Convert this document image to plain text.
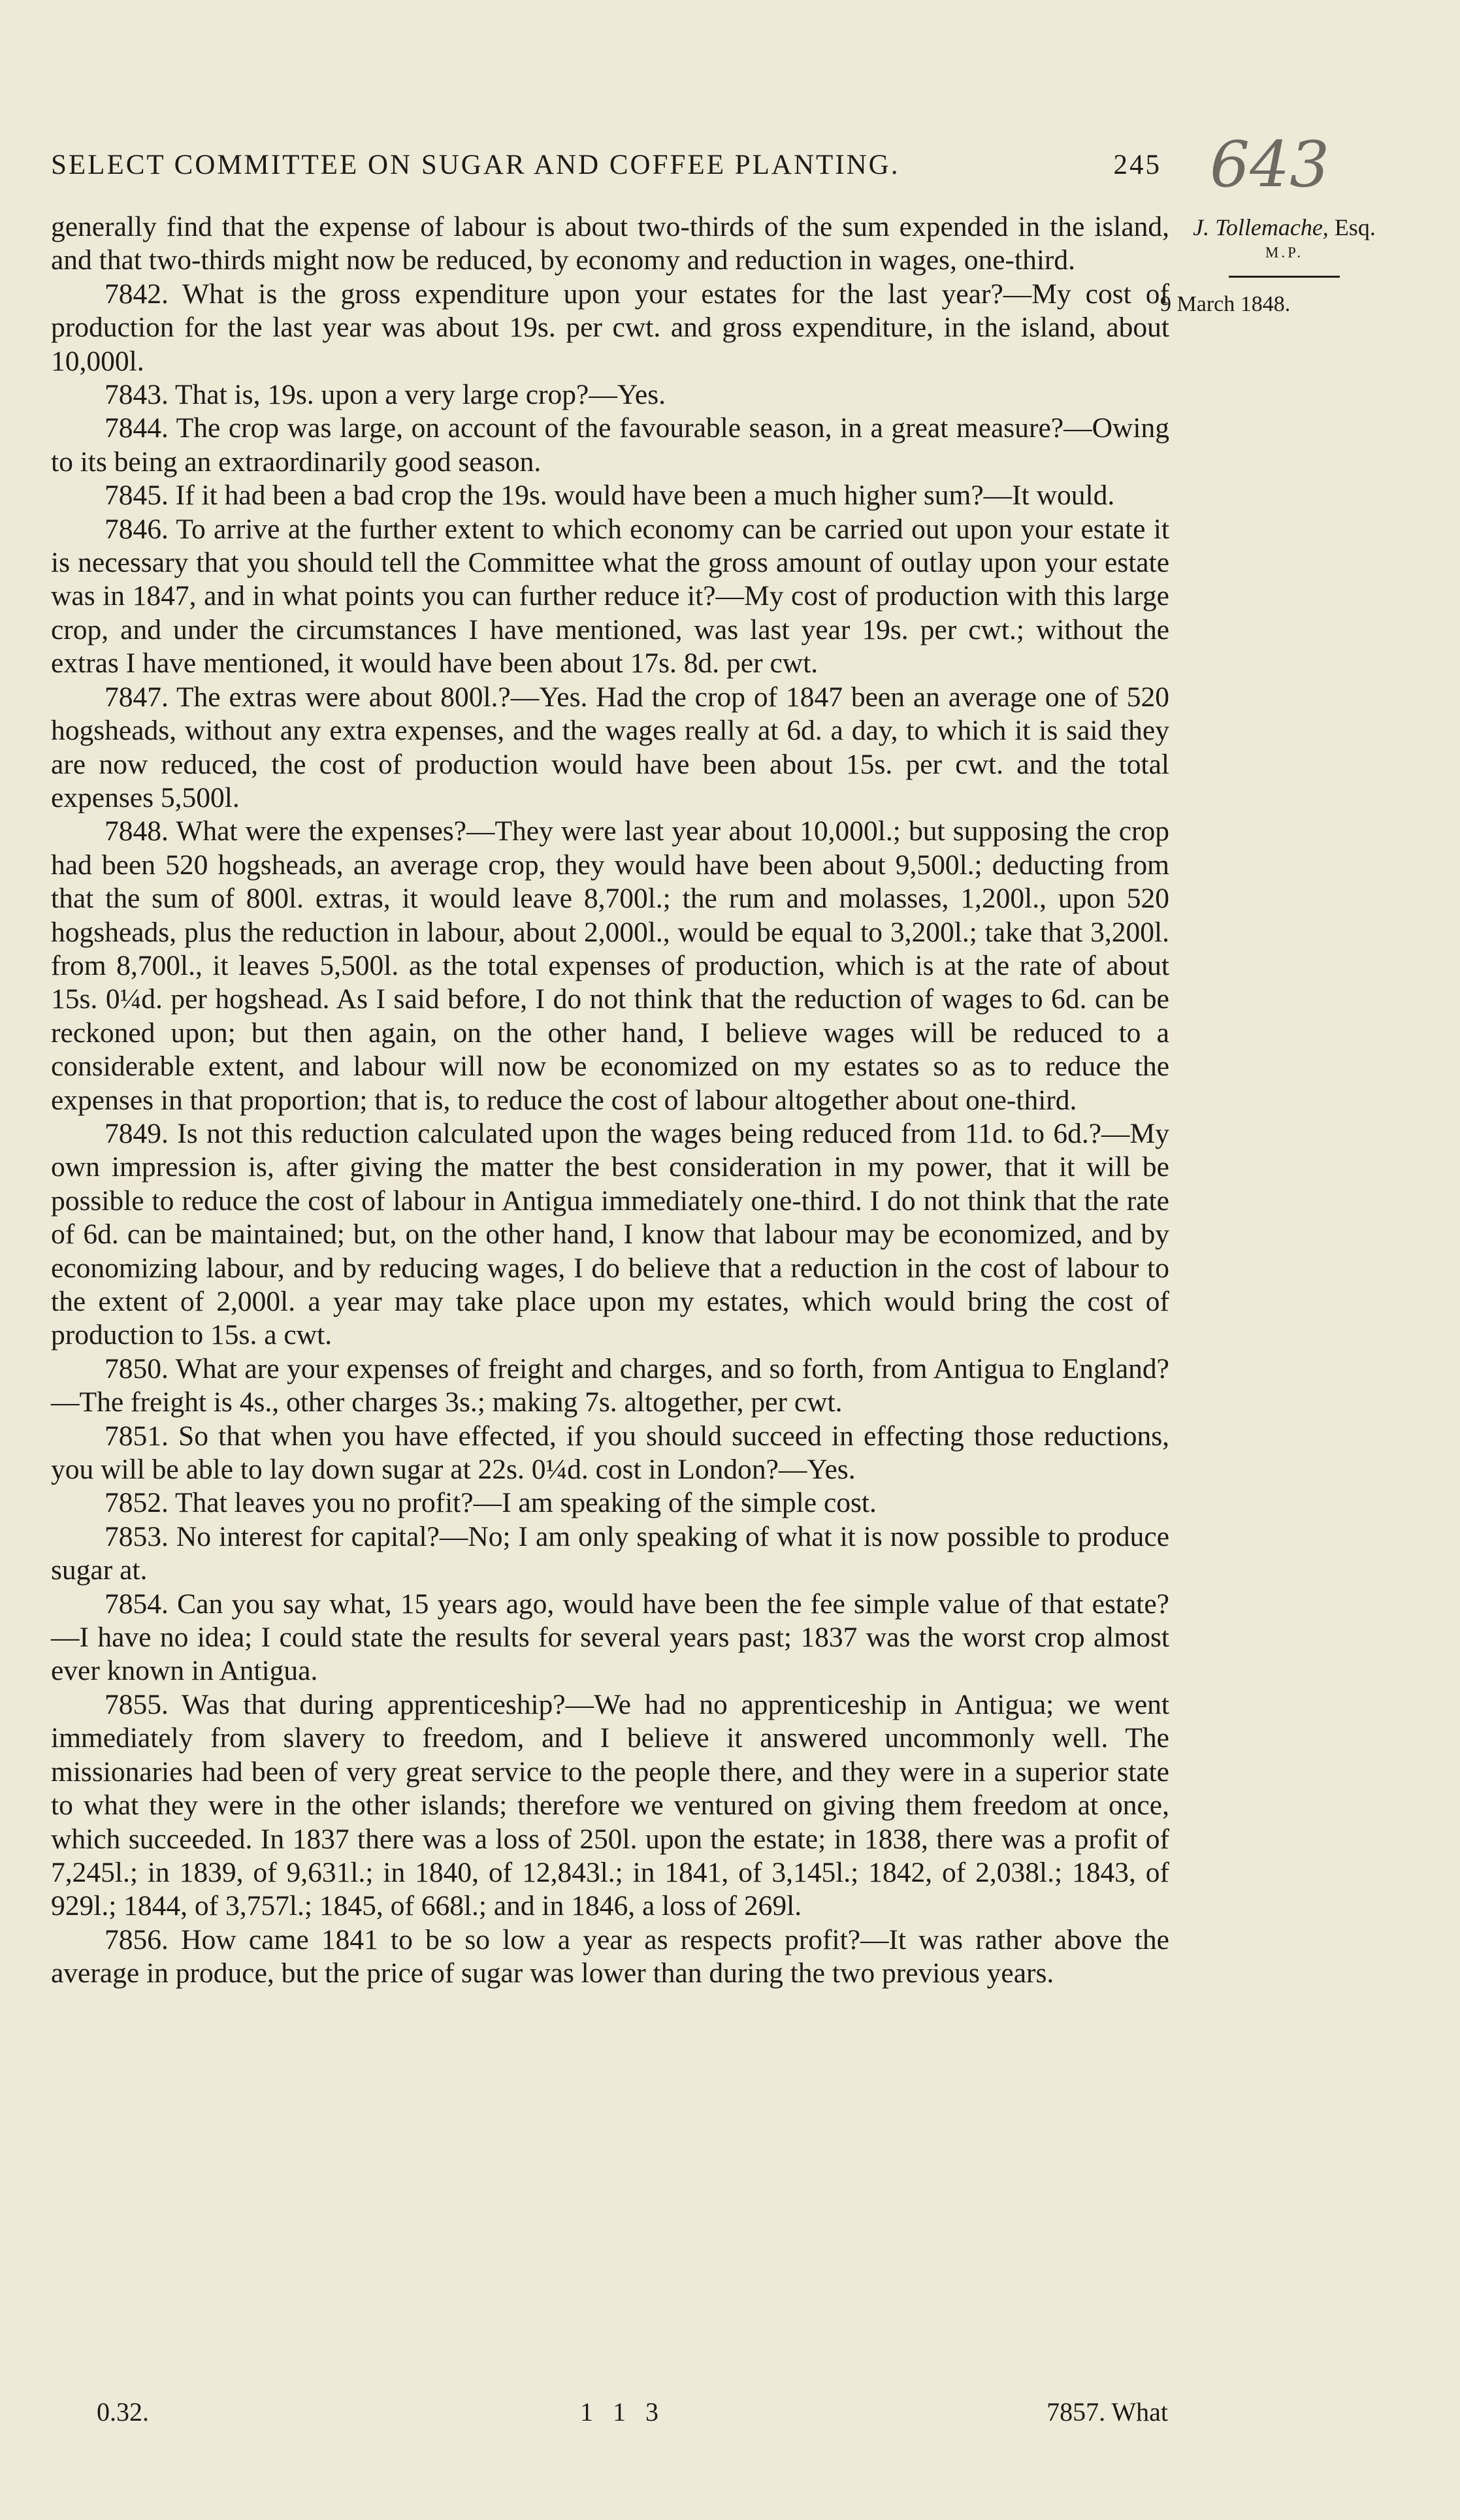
SELECT COMMITTEE ON SUGAR AND COFFEE PLANTING.	245 643
J. Tollemache, Esq.
M.P.
9 March 1848.

generally find that the expense of labour is about two-thirds of the sum expended in the island, and that two-thirds might now be reduced, by economy and reduction in wages, one-third.

7842. What is the gross expenditure upon your estates for the last year?—My cost of production for the last year was about 19s. per cwt. and gross expenditure, in the island, about 10,000l.

7843. That is, 19s. upon a very large crop?—Yes.

7844. The crop was large, on account of the favourable season, in a great measure?—Owing to its being an extraordinarily good season.

7845. If it had been a bad crop the 19s. would have been a much higher sum?—It would.

7846. To arrive at the further extent to which economy can be carried out upon your estate it is necessary that you should tell the Committee what the gross amount of outlay upon your estate was in 1847, and in what points you can further reduce it?—My cost of production with this large crop, and under the circumstances I have mentioned, was last year 19s. per cwt.; without the extras I have mentioned, it would have been about 17s. 8d. per cwt.

7847. The extras were about 800l.?—Yes. Had the crop of 1847 been an average one of 520 hogsheads, without any extra expenses, and the wages really at 6d. a day, to which it is said they are now reduced, the cost of production would have been about 15s. per cwt. and the total expenses 5,500l.

7848. What were the expenses?—They were last year about 10,000l.; but supposing the crop had been 520 hogsheads, an average crop, they would have been about 9,500l.; deducting from that the sum of 800l. extras, it would leave 8,700l.; the rum and molasses, 1,200l., upon 520 hogsheads, plus the reduction in labour, about 2,000l., would be equal to 3,200l.; take that 3,200l. from 8,700l., it leaves 5,500l. as the total expenses of production, which is at the rate of about 15s. 0¼d. per hogshead. As I said before, I do not think that the reduction of wages to 6d. can be reckoned upon; but then again, on the other hand, I believe wages will be reduced to a considerable extent, and labour will now be economized on my estates so as to reduce the expenses in that proportion; that is, to reduce the cost of labour altogether about one-third.

7849. Is not this reduction calculated upon the wages being reduced from 11d. to 6d.?—My own impression is, after giving the matter the best consideration in my power, that it will be possible to reduce the cost of labour in Antigua immediately one-third. I do not think that the rate of 6d. can be maintained; but, on the other hand, I know that labour may be economized, and by economizing labour, and by reducing wages, I do believe that a reduction in the cost of labour to the extent of 2,000l. a year may take place upon my estates, which would bring the cost of production to 15s. a cwt.

7850. What are your expenses of freight and charges, and so forth, from Antigua to England?—The freight is 4s., other charges 3s.; making 7s. altogether, per cwt.

7851. So that when you have effected, if you should succeed in effecting those reductions, you will be able to lay down sugar at 22s. 0¼d. cost in London?—Yes.

7852. That leaves you no profit?—I am speaking of the simple cost.

7853. No interest for capital?—No; I am only speaking of what it is now possible to produce sugar at.

7854. Can you say what, 15 years ago, would have been the fee simple value of that estate?—I have no idea; I could state the results for several years past; 1837 was the worst crop almost ever known in Antigua.

7855. Was that during apprenticeship?—We had no apprenticeship in Antigua; we went immediately from slavery to freedom, and I believe it answered uncommonly well. The missionaries had been of very great service to the people there, and they were in a superior state to what they were in the other islands; therefore we ventured on giving them freedom at once, which succeeded. In 1837 there was a loss of 250l. upon the estate; in 1838, there was a profit of 7,245l.; in 1839, of 9,631l.; in 1840, of 12,843l.; in 1841, of 3,145l.; 1842, of 2,038l.; 1843, of 929l.; 1844, of 3,757l.; 1845, of 668l.; and in 1846, a loss of 269l.

7856. How came 1841 to be so low a year as respects profit?—It was rather above the average in produce, but the price of sugar was lower than during the two previous years.

0.32.	1 1 3	7857. What
